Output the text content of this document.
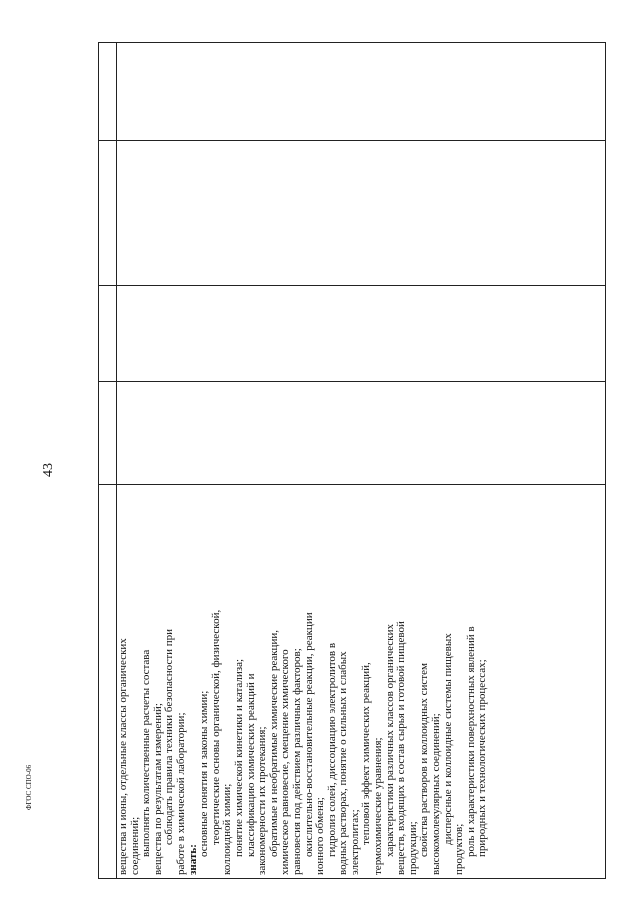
43

вещества и ионы, отдельные классы органических соединений; выполнять количественные расчеты состава вещества по результатам измерений; соблюдать правила техники безопасности при работе в химической лаборатории; знать:

основные понятия и законы химии; теоретические основы органической, физической, коллоидной химии; понятие химической кинетики и катализа; классификацию химических реакций и закономерности их протекания; обратимые и необратимые химические реакции, химическое равновесие, смещение химического равновесия под действием различных факторов; окислительно-восстановительные реакции, реакции ионного обмена; гидролиз солей, диссоциацию электролитов в водных растворах, понятие о сильных и слабых электролитах; тепловой эффект химических реакций, термохимические уравнения; характеристики различных классов органических веществ, входящих в состав сырья и готовой пищевой продукции; свойства растворов и коллоидных систем высокомолекулярных соединений; дисперсные и коллоидные системы пищевых

продуктов; роль и характеристики поверхностных явлений в природных и технологических процессах;

ФГОС СПО-06
